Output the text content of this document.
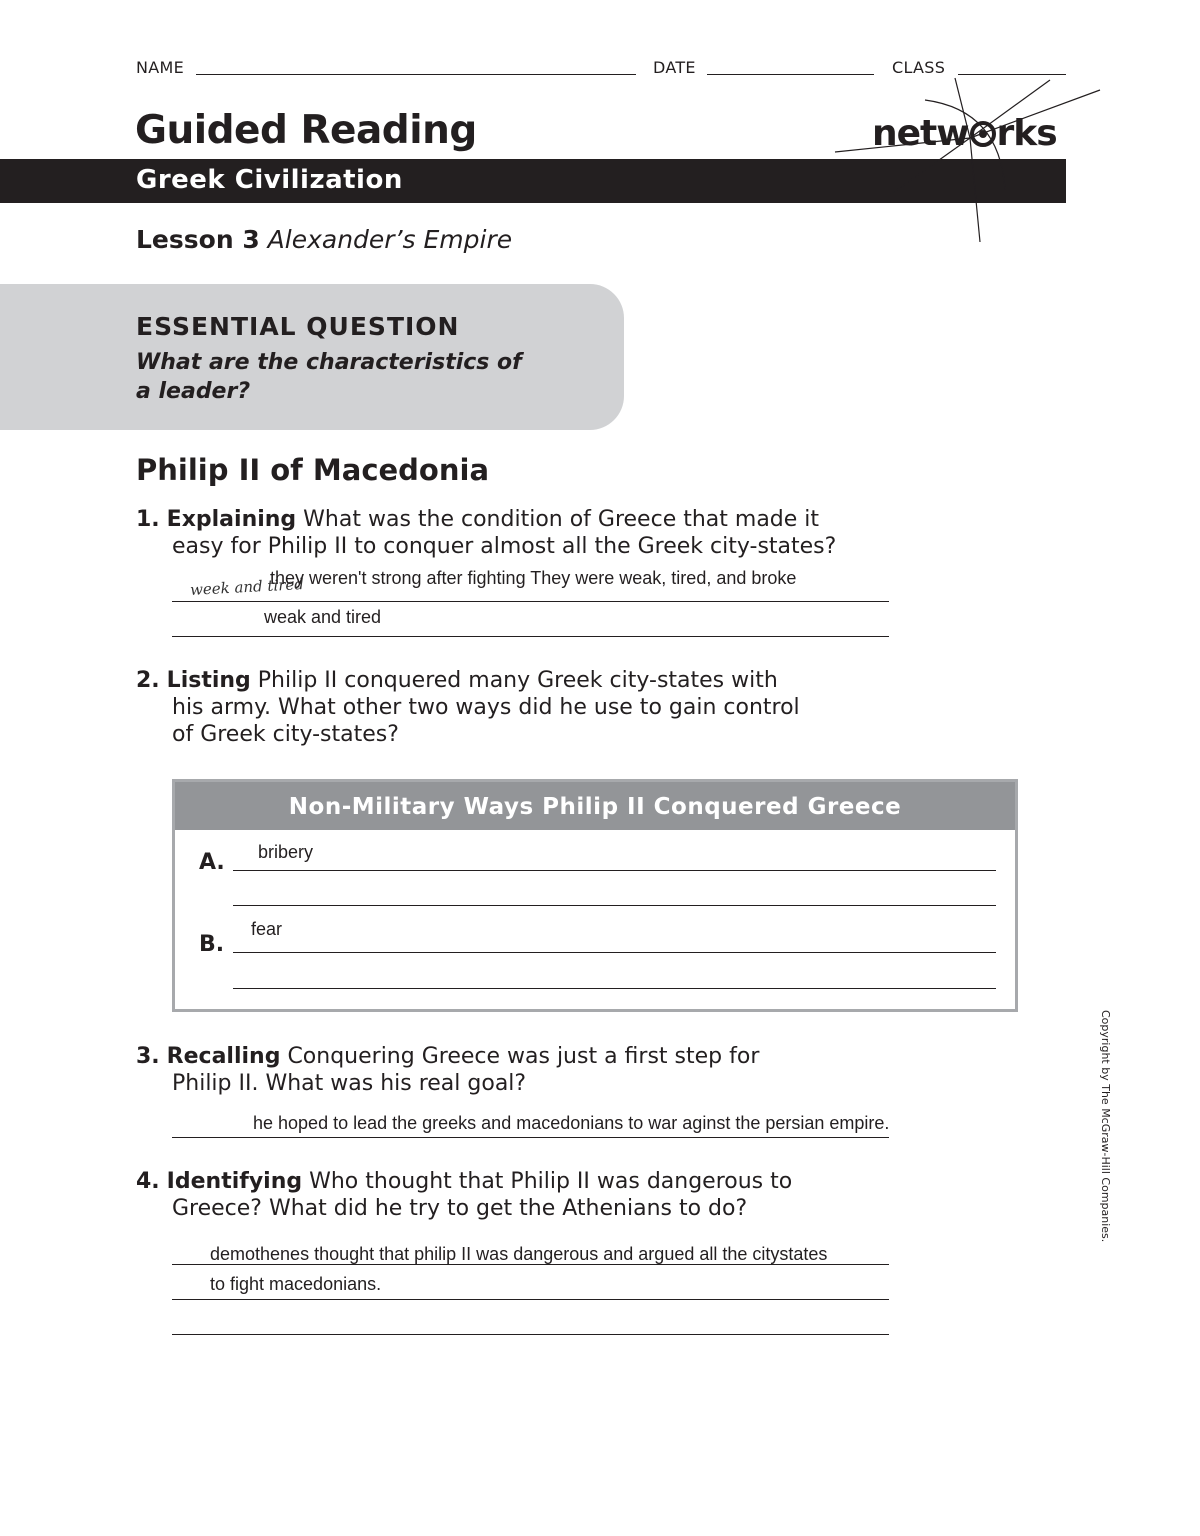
NAME	DATE	CLASS
Guided Reading
Greek Civilization
netw rks
Lesson 3 Alexander’s Empire
ESSENTIAL QUESTION
What are the characteristics of
a leader?
Philip II of Macedonia
1. Explaining What was the condition of Greece that made it
easy for Philip II to conquer almost all the Greek city-states?
week and tired
they weren't strong after fighting They were weak, tired, and broke
weak and tired
2. Listing Philip II conquered many Greek city-states with
his army. What other two ways did he use to gain control
of Greek city-states?
Non-Military Ways Philip II Conquered Greece
A. bribery
B.
fear
3. Recalling Conquering Greece was just a first step for
Philip II. What was his real goal?
he hoped to lead the greeks and macedonians to war aginst the persian empire.
4. Identifying Who thought that Philip II was dangerous to
Greece? What did he try to get the Athenians to do?
demothenes thought that philip II was dangerous and argued all the citystates
to fight macedonians.
Copyright by The McGraw-Hill Companies.
